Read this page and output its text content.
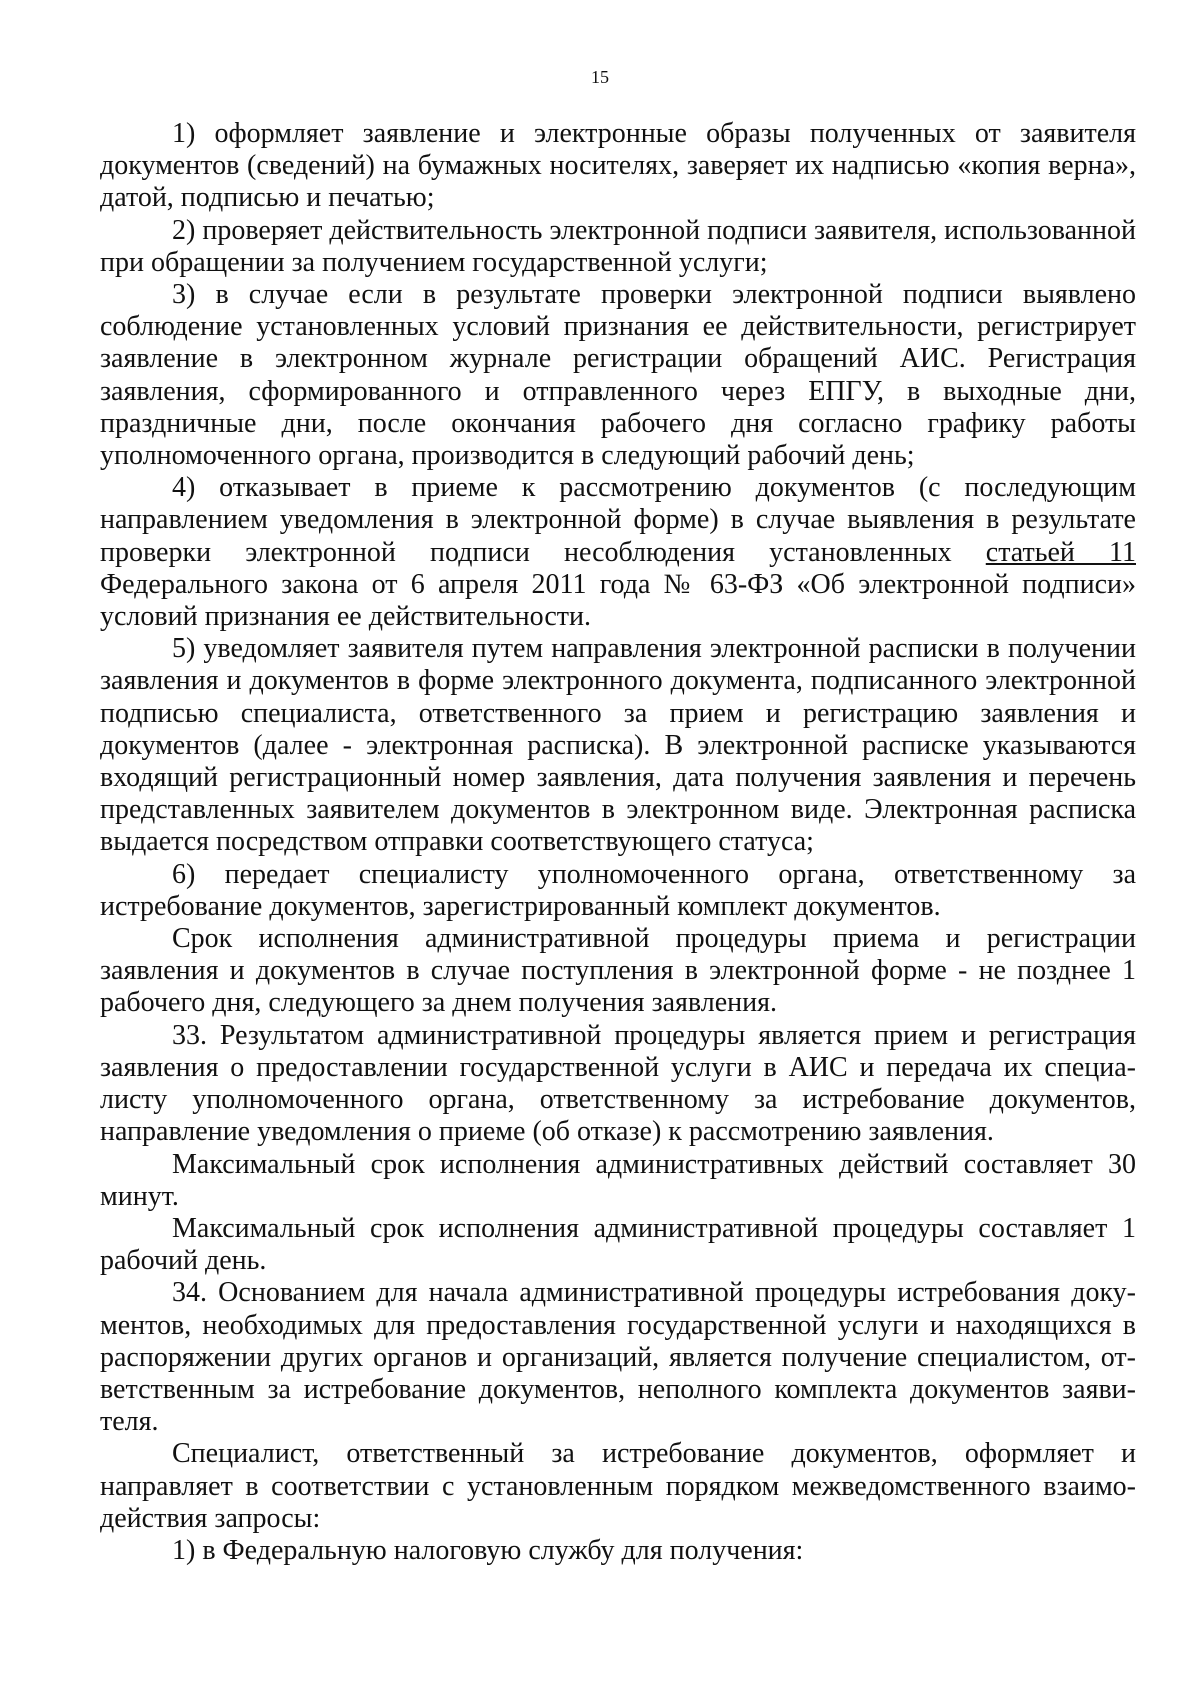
15

1) оформляет заявление и электронные образы полученных от заявителя документов (сведений) на бумажных носителях, заверяет их надписью «копия верна», датой, подписью и печатью;

2) проверяет действительность электронной подписи заявителя, использованной при обращении за получением государственной услуги;

3) в случае если в результате проверки электронной подписи выявлено соблюдение установленных условий признания ее действительности, регистрирует заявление в электронном журнале регистрации обращений АИС. Регистрация заявления, сформированного и отправленного через ЕПГУ, в выходные дни, праздничные дни, после окончания рабочего дня согласно графику работы уполномоченного органа, производится в следующий рабочий день;

4) отказывает в приеме к рассмотрению документов (с последующим направлением уведомления в электронной форме) в случае выявления в результате проверки электронной подписи несоблюдения установленных статьей 11 Федерального закона от 6 апреля 2011 года № 63-ФЗ «Об электронной подписи» условий признания ее действительности.

5) уведомляет заявителя путем направления электронной расписки в получении заявления и документов в форме электронного документа, подписанного электронной подписью специалиста, ответственного за прием и регистрацию заявления и документов (далее - электронная расписка). В электронной расписке указываются входящий регистрационный номер заявления, дата получения заявления и перечень представленных заявителем документов в электронном виде. Электронная расписка выдается посредством отправки соответствующего статуса;

6) передает специалисту уполномоченного органа, ответственному за истребование документов, зарегистрированный комплект документов.

Срок исполнения административной процедуры приема и регистрации заявления и документов в случае поступления в электронной форме - не позднее 1 рабочего дня, следующего за днем получения заявления.

33. Результатом административной процедуры является прием и регистрация заявления о предоставлении государственной услуги в АИС и передача их специалисту уполномоченного органа, ответственному за истребование документов, направление уведомления о приеме (об отказе) к рассмотрению заявления.

Максимальный срок исполнения административных действий составляет 30 минут.

Максимальный срок исполнения административной процедуры составляет 1 рабочий день.

34. Основанием для начала административной процедуры истребования документов, необходимых для предоставления государственной услуги и находящихся в распоряжении других органов и организаций, является получение специалистом, ответственным за истребование документов, неполного комплекта документов заявителя.

Специалист, ответственный за истребование документов, оформляет и направляет в соответствии с установленным порядком межведомственного взаимодействия запросы:

1) в Федеральную налоговую службу для получения:
